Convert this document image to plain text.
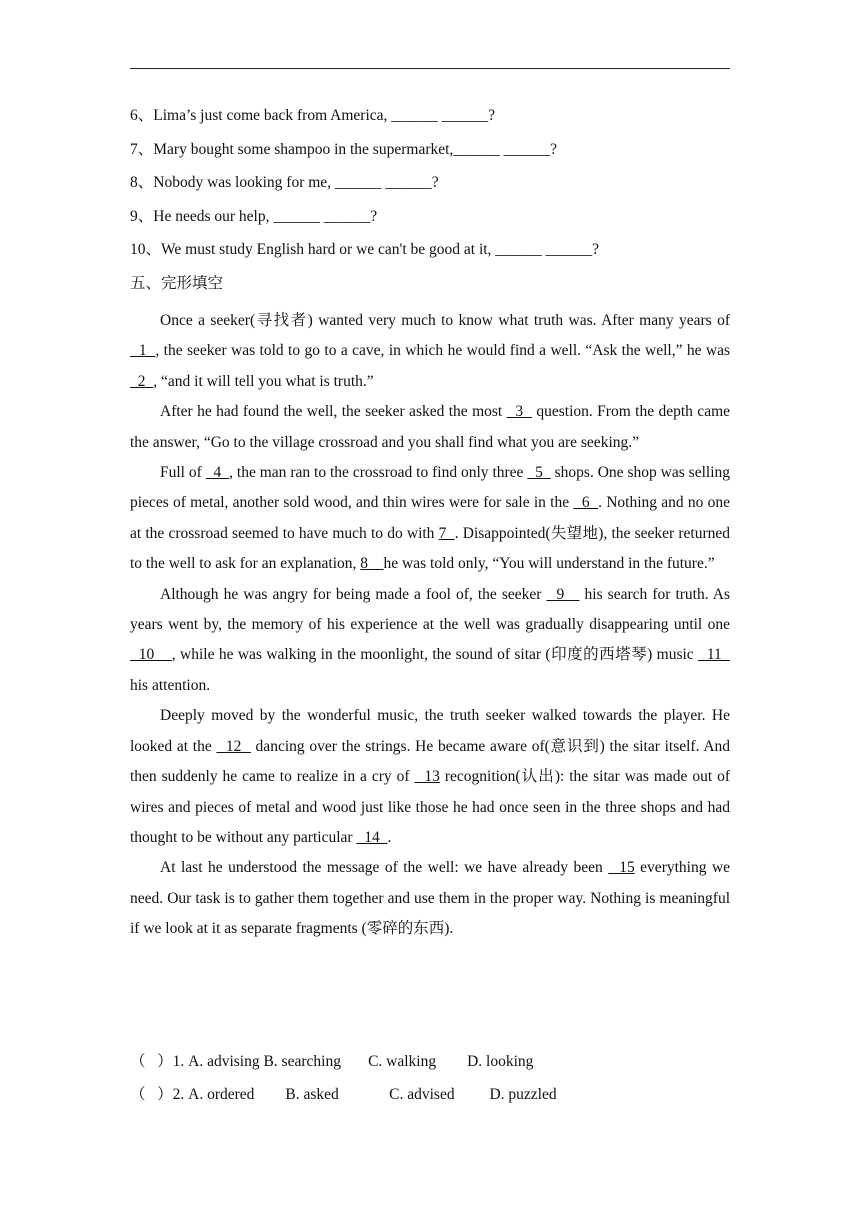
6、Lima’s just come back from America, ______ ______?
7、Mary bought some shampoo in the supermarket,______ ______?
8、Nobody was looking for me, ______ ______?
9、He needs our help, ______ ______?
10、We must study English hard or we can't be good at it, ______ ______?
五、完形填空

Once a seeker(寻找者) wanted very much to know what truth was. After many years of   1  , the seeker was told to go to a cave, in which he would find a well. “Ask the well,” he was   2  , “and it will tell you what is truth.”

After he had found the well, the seeker asked the most   3   question. From the depth came the answer, “Go to the village crossroad and you shall find what you are seeking.”

Full of   4  , the man ran to the crossroad to find only three   5   shops. One shop was selling pieces of metal, another sold wood, and thin wires were for sale in the   6  . Nothing and no one at the crossroad seemed to have much to do with 7  . Disappointed(失望地), the seeker returned to the well to ask for an explanation, 8    he was told only, “You will understand in the future.”

Although he was angry for being made a fool of, the seeker   9    his search for truth. As years went by, the memory of his experience at the well was gradually disappearing until one   10    , while he was walking in the moonlight, the sound of sitar (印度的西塔琴) music   11   his attention.

Deeply moved by the wonderful music, the truth seeker walked towards the player. He looked at the   12   dancing over the strings. He became aware of(意识到) the sitar itself. And then suddenly he came to realize in a cry of   13 recognition(认出): the sitar was made out of wires and pieces of metal and wood just like those he had once seen in the three shops and had thought to be without any particular   14  .

At last he understood the message of the well: we have already been   15 everything we need. Our task is to gather them together and use them in the proper way. Nothing is meaningful if we look at it as separate fragments (零碎的东西).

（   ）1. A. advising B. searching       C. walking        D. looking
（   ）2. A. ordered        B. asked             C. advised         D. puzzled
